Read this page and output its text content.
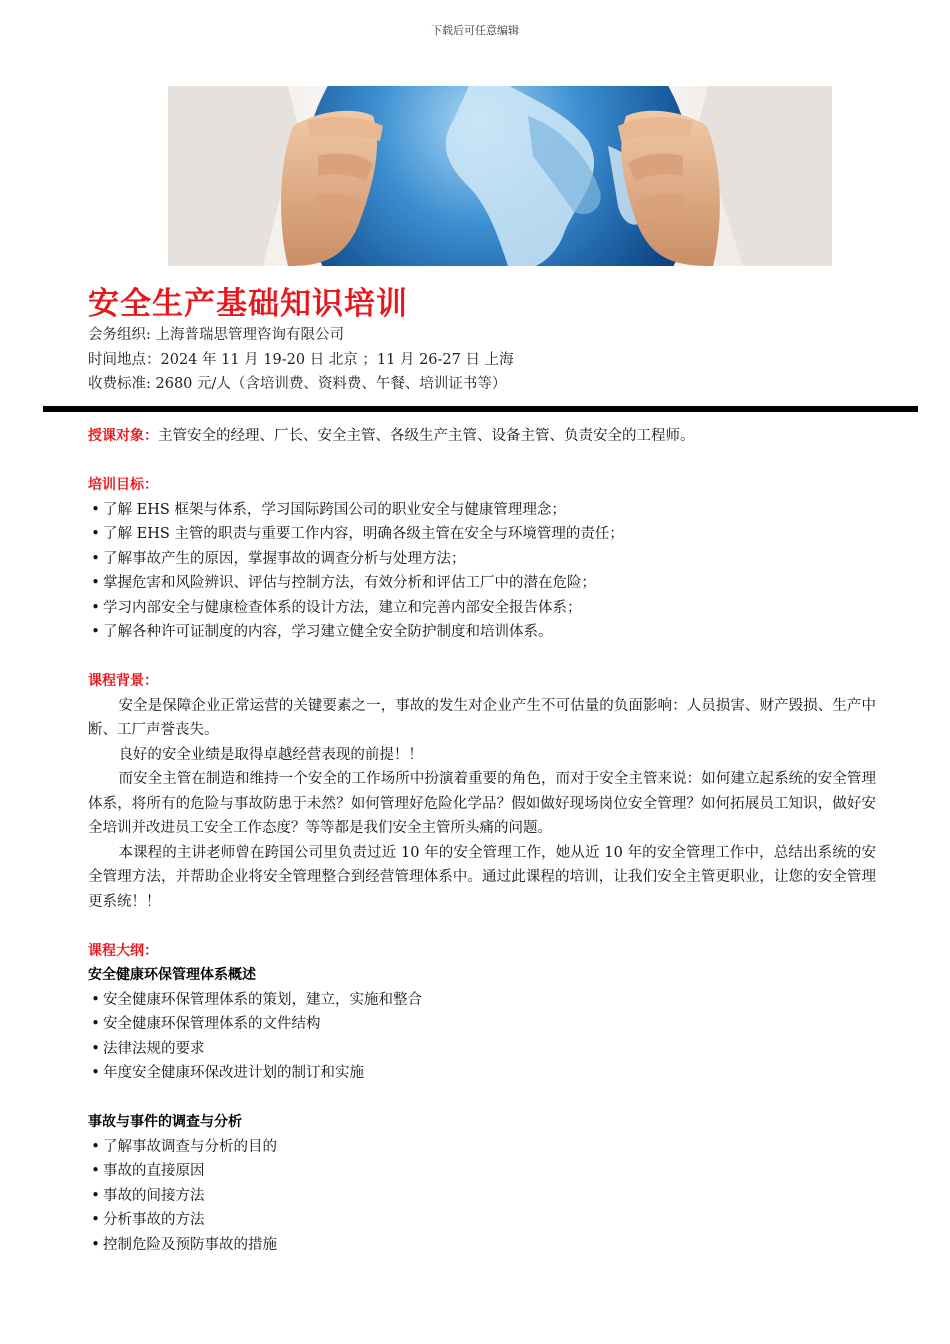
下载后可任意编辑
安全生产基础知识培训
会务组织: 上海普瑞思管理咨询有限公司
时间地点：2024 年 11 月 19-20 日 北京 ；11 月 26-27 日 上海
收费标准: 2680 元/人（含培训费、资料费、午餐、培训证书等）
授课对象：主管安全的经理、厂长、安全主管、各级生产主管、设备主管、负责安全的工程师。
培训目标：
• 了解 EHS 框架与体系，学习国际跨国公司的职业安全与健康管理理念；
• 了解 EHS 主管的职责与重要工作内容，明确各级主管在安全与环境管理的责任；
• 了解事故产生的原因，掌握事故的调查分析与处理方法；
• 掌握危害和风险辨识、评估与控制方法，有效分析和评估工厂中的潜在危险；
• 学习内部安全与健康检查体系的设计方法，建立和完善内部安全报告体系；
• 了解各种许可证制度的内容，学习建立健全安全防护制度和培训体系。
课程背景：
安全是保障企业正常运营的关键要素之一，事故的发生对企业产生不可估量的负面影响：人员损害、财产毁损、生产中断、工厂声誉丧失。
良好的安全业绩是取得卓越经营表现的前提！！
而安全主管在制造和维持一个安全的工作场所中扮演着重要的角色，而对于安全主管来说：如何建立起系统的安全管理体系，将所有的危险与事故防患于未然？如何管理好危险化学品？假如做好现场岗位安全管理？如何拓展员工知识，做好安全培训并改进员工安全工作态度？等等都是我们安全主管所头痛的问题。
本课程的主讲老师曾在跨国公司里负责过近 10 年的安全管理工作，她从近 10 年的安全管理工作中，总结出系统的安全管理方法，并帮助企业将安全管理整合到经营管理体系中。通过此课程的培训，让我们安全主管更职业，让您的安全管理更系统！！
课程大纲：
安全健康环保管理体系概述
• 安全健康环保管理体系的策划，建立，实施和整合
• 安全健康环保管理体系的文件结构
• 法律法规的要求
• 年度安全健康环保改进计划的制订和实施
事故与事件的调查与分析
• 了解事故调查与分析的目的
• 事故的直接原因
• 事故的间接方法
• 分析事故的方法
• 控制危险及预防事故的措施
